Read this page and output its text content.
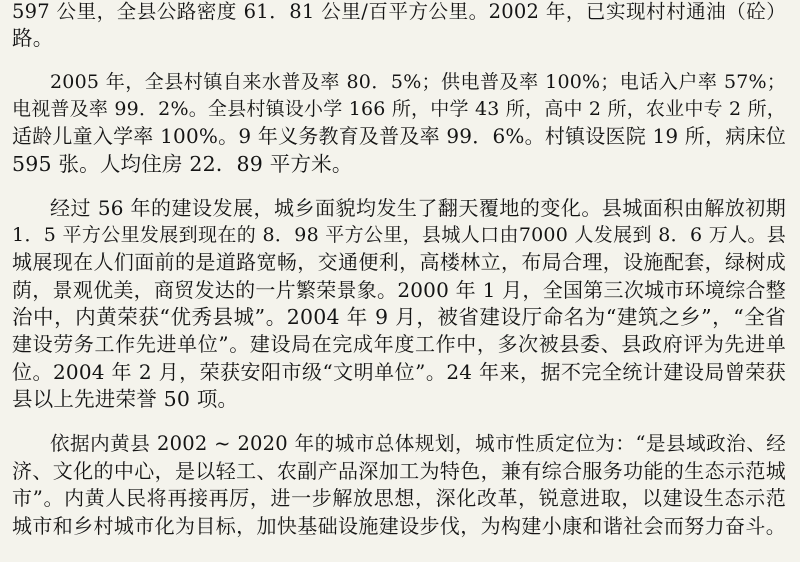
597 公里，全县公路密度 61．81 公里/百平方公里。2002 年，已实现村村通油（砼）
路。
2005 年，全县村镇自来水普及率 80．5%；供电普及率 100%；电话入户率 57%；
电视普及率 99．2%。全县村镇设小学 166 所，中学 43 所，高中 2 所，农业中专 2 所，
适龄儿童入学率 100%。9 年义务教育及普及率 99．6%。村镇设医院 19 所，病床位
595 张。人均住房 22．89 平方米。
经过 56 年的建设发展，城乡面貌均发生了翻天覆地的变化。县城面积由解放初期
1．5 平方公里发展到现在的 8．98 平方公里，县城人口由7000 人发展到 8．6 万人。县
城展现在人们面前的是道路宽畅，交通便利，高楼林立，布局合理，设施配套，绿树成
荫，景观优美，商贸发达的一片繁荣景象。2000 年 1 月，全国第三次城市环境综合整
治中，内黄荣获“优秀县城”。2004 年 9 月，被省建设厅命名为“建筑之乡”，“全省
建设劳务工作先进单位”。建设局在完成年度工作中，多次被县委、县政府评为先进单
位。2004 年 2 月，荣获安阳市级“文明单位”。24 年来，据不完全统计建设局曾荣获
县以上先进荣誉 50 项。
依据内黄县 2002 ~ 2020 年的城市总体规划，城市性质定位为：“是县域政治、经
济、文化的中心，是以轻工、农副产品深加工为特色，兼有综合服务功能的生态示范城
市”。内黄人民将再接再厉，进一步解放思想，深化改革，锐意进取，以建设生态示范
城市和乡村城市化为目标，加快基础设施建设步伐，为构建小康和谐社会而努力奋斗。
